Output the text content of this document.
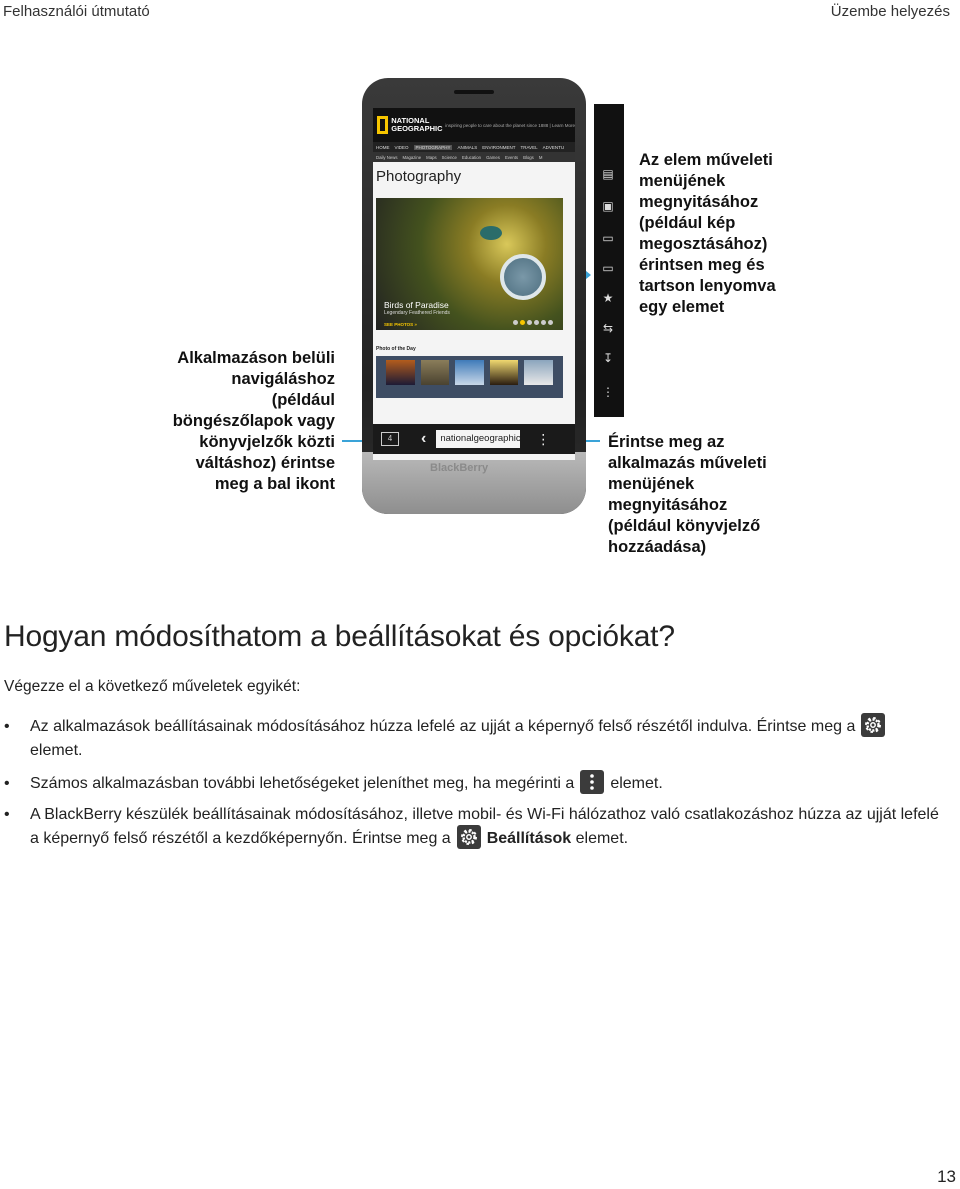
Felhasználói útmutató	Üzembe helyezés
Alkalmazáson belüli navigáláshoz (például böngészőlapok vagy könyvjelzők közti váltáshoz) érintse meg a bal ikont
Az elem műveleti menüjének megnyitásához (például kép megosztásához) érintsen meg és tartson lenyomva egy elemet
Érintse meg az alkalmazás műveleti menüjének megnyitásához (például könyvjelző hozzáadása)
NATIONAL GEOGRAPHIC inspiring people to care about the planet since 1888 | Learn More
HOME VIDEO	PHOTOGRAPHY	ANIMALS ENVIRONMENT TRAVEL ADVENTU
Daily News Magazine Maps Science Education Games Events Blogs M
Photography
Birds of Paradise
Legendary Feathered Friends
SEE PHOTOS »
Photo of the Day
4	‹	nationalgeographic ⋮
BlackBerry
▤
▣
▭
▭
★
⇆
↧
⋮
Hogyan módosíthatom a beállításokat és opciókat?
Végezze el a következő műveletek egyikét:
•	Az alkalmazások beállításainak módosításához húzza lefelé az ujját a képernyő felső részétől indulva. Érintse meg a

elemet.
•	Számos alkalmazásban további lehetőségeket jeleníthet meg, ha megérinti a elemet.
•	A BlackBerry készülék beállításainak módosításához, illetve mobil- és Wi-Fi hálózathoz való csatlakozáshoz húzza az ujját lefelé a képernyő felső részétől a kezdőképernyőn. Érintse meg a Beállítások elemet.
13
